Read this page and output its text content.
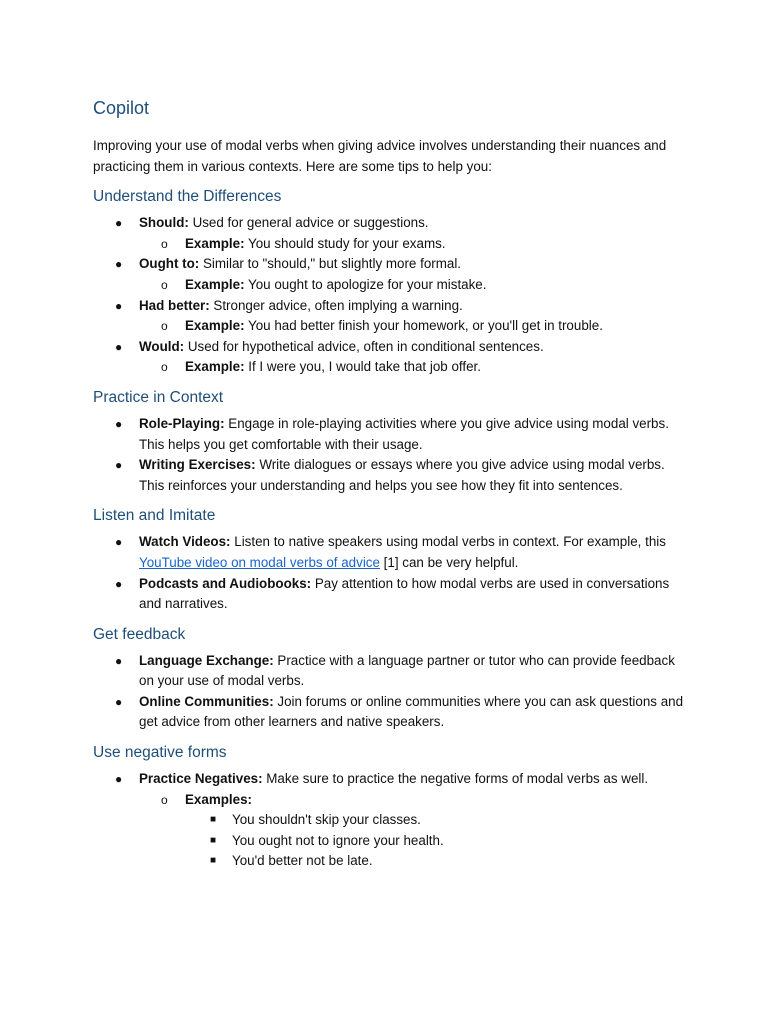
Copilot

Improving your use of modal verbs when giving advice involves understanding their nuances and practicing them in various contexts. Here are some tips to help you:

Understand the Differences
● Should: Used for general advice or suggestions.
o Example: You should study for your exams.
● Ought to: Similar to "should," but slightly more formal.
o Example: You ought to apologize for your mistake.
● Had better: Stronger advice, often implying a warning.
o Example: You had better finish your homework, or you'll get in trouble.
● Would: Used for hypothetical advice, often in conditional sentences.
o Example: If I were you, I would take that job offer.
Practice in Context
● Role-Playing: Engage in role-playing activities where you give advice using modal verbs. This helps you get comfortable with their usage.
● Writing Exercises: Write dialogues or essays where you give advice using modal verbs. This reinforces your understanding and helps you see how they fit into sentences.
Listen and Imitate
● Watch Videos: Listen to native speakers using modal verbs in context. For example, this YouTube video on modal verbs of advice [1] can be very helpful.
● Podcasts and Audiobooks: Pay attention to how modal verbs are used in conversations and narratives.
Get feedback
● Language Exchange: Practice with a language partner or tutor who can provide feedback on your use of modal verbs.
● Online Communities: Join forums or online communities where you can ask questions and get advice from other learners and native speakers.
Use negative forms
● Practice Negatives: Make sure to practice the negative forms of modal verbs as well.
o Examples:
■ You shouldn't skip your classes.
■ You ought not to ignore your health.
■ You'd better not be late.
